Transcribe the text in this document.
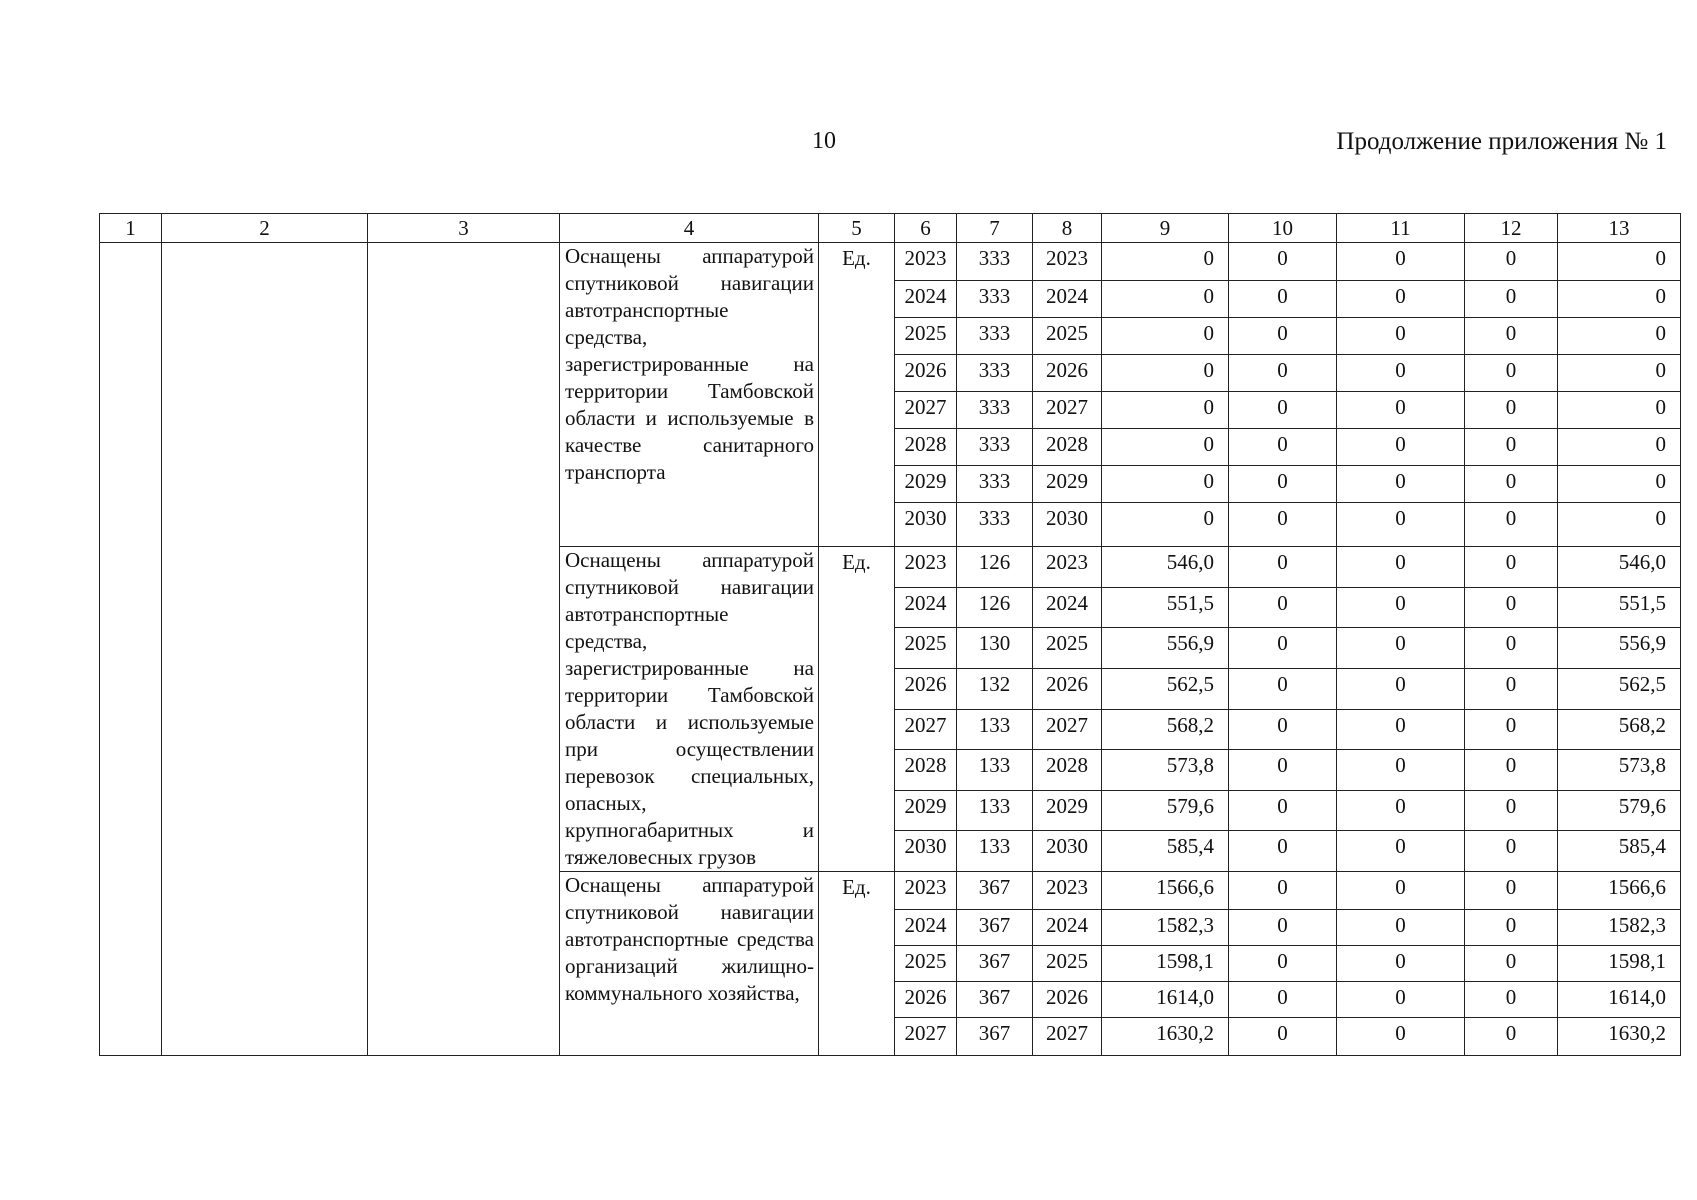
10	Продолжение приложения № 1
1	2	3	4	5	6	7	8	9	10	11	12	13
			Оснащены аппаратурой спутниковой навигации автотранспортные средства, зарегистрированные на территории Тамбовской области и используемые в качестве санитарного транспорта	Ед.	2023	333	2023	0	0	0	0	0
					2024	333	2024	0	0	0	0	0
					2025	333	2025	0	0	0	0	0
					2026	333	2026	0	0	0	0	0
					2027	333	2027	0	0	0	0	0
					2028	333	2028	0	0	0	0	0
					2029	333	2029	0	0	0	0	0
					2030	333	2030	0	0	0	0	0
			Оснащены аппаратурой спутниковой навигации автотранспортные средства, зарегистрированные на территории Тамбовской области и используемые при осуществлении перевозок специальных, опасных, крупногабаритных и тяжеловесных грузов	Ед.	2023	126	2023	546,0	0	0	0	546,0
					2024	126	2024	551,5	0	0	0	551,5
					2025	130	2025	556,9	0	0	0	556,9
					2026	132	2026	562,5	0	0	0	562,5
					2027	133	2027	568,2	0	0	0	568,2
					2028	133	2028	573,8	0	0	0	573,8
					2029	133	2029	579,6	0	0	0	579,6
					2030	133	2030	585,4	0	0	0	585,4
			Оснащены аппаратурой спутниковой навигации автотранспортные средства организаций жилищно-коммунального хозяйства,	Ед.	2023	367	2023	1566,6	0	0	0	1566,6
					2024	367	2024	1582,3	0	0	0	1582,3
					2025	367	2025	1598,1	0	0	0	1598,1
					2026	367	2026	1614,0	0	0	0	1614,0
					2027	367	2027	1630,2	0	0	0	1630,2
